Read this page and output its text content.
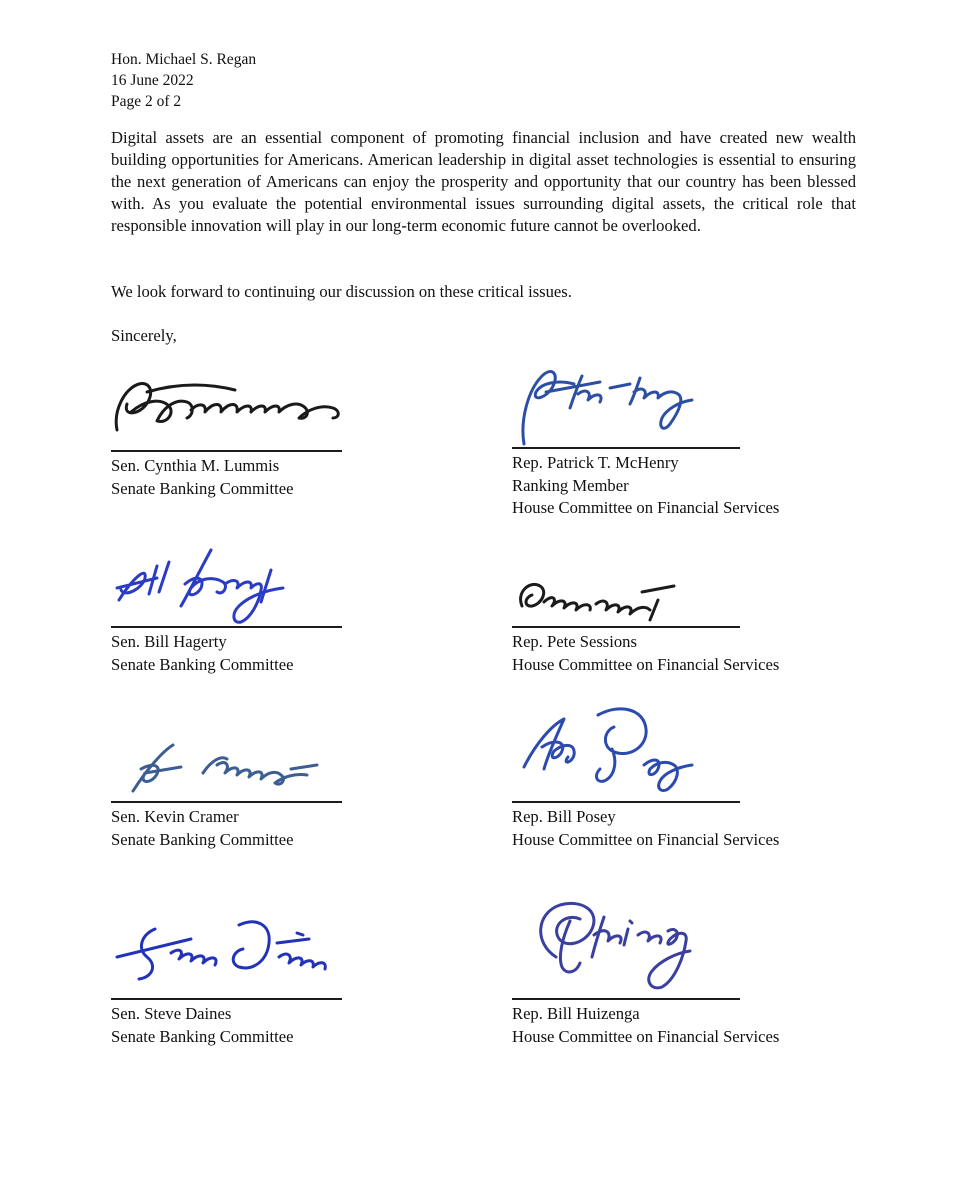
Hon. Michael S. Regan
16 June 2022
Page 2 of 2

Digital assets are an essential component of promoting financial inclusion and have created new wealth building opportunities for Americans. American leadership in digital asset technologies is essential to ensuring the next generation of Americans can enjoy the prosperity and opportunity that our country has been blessed with. As you evaluate the potential environmental issues surrounding digital assets, the critical role that responsible innovation will play in our long-term economic future cannot be overlooked.

We look forward to continuing our discussion on these critical issues.

Sincerely,

Sen. Cynthia M. Lummis
Senate Banking Committee
Rep. Patrick T. McHenry
Ranking Member
House Committee on Financial Services
Sen. Bill Hagerty
Senate Banking Committee
Rep. Pete Sessions
House Committee on Financial Services
Sen. Kevin Cramer
Senate Banking Committee
Rep. Bill Posey
House Committee on Financial Services
Sen. Steve Daines
Senate Banking Committee
Rep. Bill Huizenga
House Committee on Financial Services
